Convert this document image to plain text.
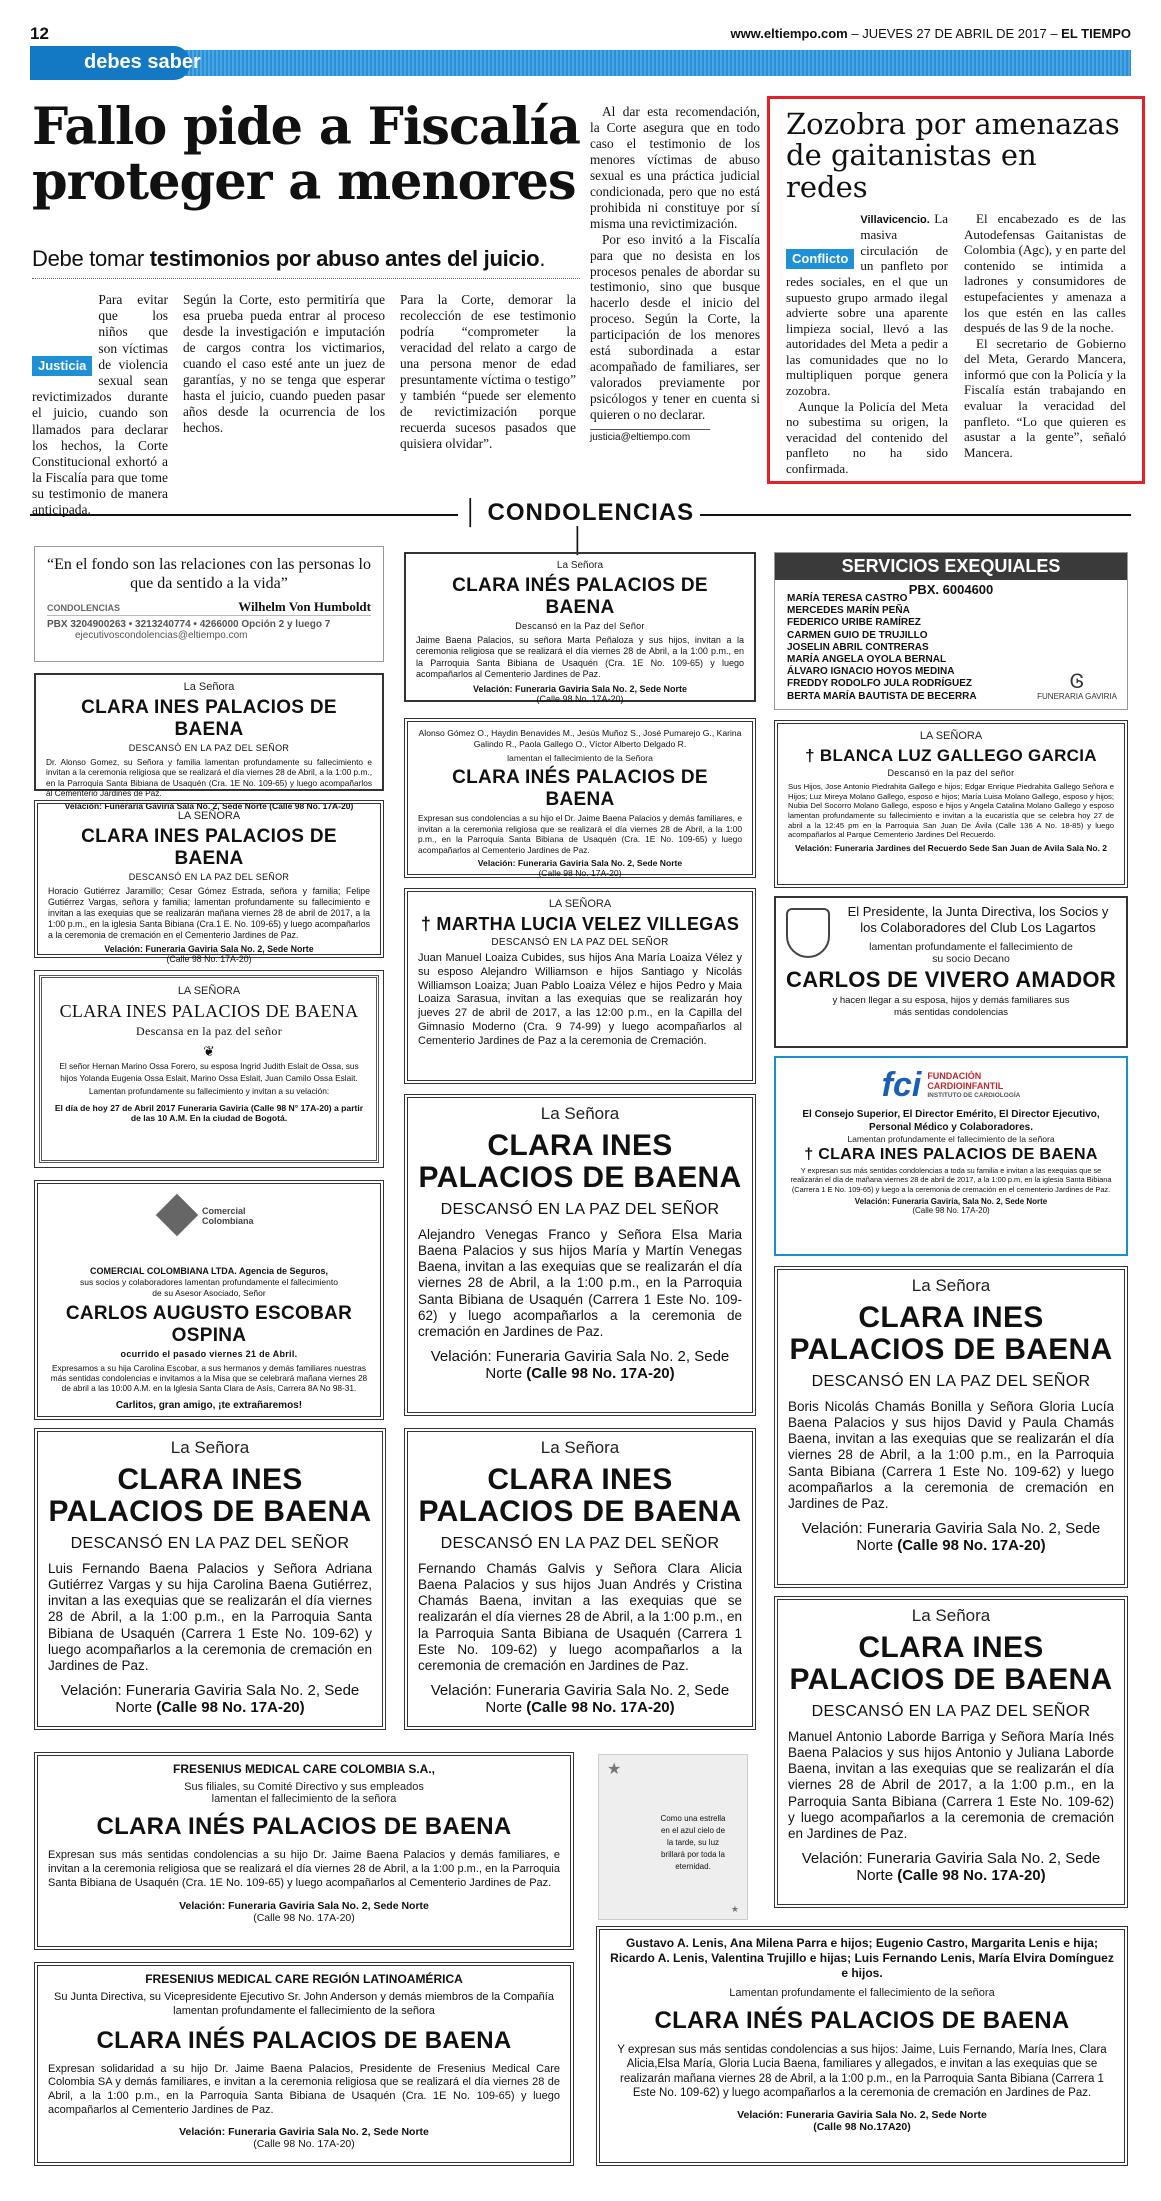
12	www.eltiempo.com – JUEVES 27 DE ABRIL DE 2017 – EL TIEMPO
debes saber
Fallo pide a Fiscalía proteger a menores
Debe tomar testimonios por abuso antes del juicio.
Justicia
Para evitar que los niños que son víctimas de violencia sexual sean revictimizados durante el juicio, cuando son llamados para declarar los hechos, la Corte Constitucional exhortó a la Fiscalía para que tome su testimonio de manera anticipada.
Según la Corte, esto permitiría que esa prueba pueda entrar al proceso desde la investigación e imputación de cargos contra los victimarios, cuando el caso esté ante un juez de garantías, y no se tenga que esperar hasta el juicio, cuando pueden pasar años desde la ocurrencia de los hechos.
Para la Corte, demorar la recolección de ese testimonio podría “comprometer la veracidad del relato a cargo de una persona menor de edad presuntamente víctima o testigo” y también “puede ser elemento de revictimización porque recuerda sucesos pasados que quisiera olvidar”.

Al dar esta recomendación, la Corte asegura que en todo caso el testimonio de los menores víctimas de abuso sexual es una práctica judicial condicionada, pero que no está prohibida ni constituye por sí misma una revictimización.

Por eso invitó a la Fiscalía para que no desista en los procesos penales de abordar su testimonio, sino que busque hacerlo desde el inicio del proceso. Según la Corte, la participación de los menores está subordinada a estar acompañado de familiares, ser valorados previamente por psicólogos y tener en cuenta si quieren o no declarar.

justicia@eltiempo.com
Zozobra por amenazas de gaitanistas en redes
Villavicencio.
Conflicto
La masiva circulación de un panfleto por redes sociales, en el que un supuesto grupo armado ilegal advierte sobre una aparente limpieza social, llevó a las autoridades del Meta a pedir a las comunidades que no lo multipliquen porque genera zozobra.

Aunque la Policía del Meta no subestima su origen, la veracidad del contenido del panfleto no ha sido confirmada.

El encabezado es de las Autodefensas Gaitanistas de Colombia (Agc), y en parte del contenido se intimida a ladrones y consumidores de estupefacientes y amenaza a los que estén en las calles después de las 9 de la noche.

El secretario de Gobierno del Meta, Gerardo Mancera, informó que con la Policía y la Fiscalía están trabajando en evaluar la veracidad del panfleto. “Lo que quieren es asustar a la gente”, señaló Mancera.

│ CONDOLENCIAS │
“En el fondo son las relaciones con las personas lo que da sentido a la vida”
CONDOLENCIAS	Wilhelm Von Humboldt
PBX 3204900263 • 3213240774 • 4266000 Opción 2 y luego 7
ejecutivoscondolencias@eltiempo.com
La Señora
CLARA INES PALACIOS DE BAENA
DESCANSÓ EN LA PAZ DEL SEÑOR
Dr. Alonso Gomez, su Señora y familia lamentan profundamente su fallecimiento e invitan a la ceremonia religiosa que se realizará el día viernes 28 de Abril, a la 1:00 p.m., en la Parroquia Santa Bibiana de Usaquén (Cra. 1E No. 109-65) y luego acompañarlos al Cementerio Jardines de Paz.
Velación: Funeraria Gaviria Sala No. 2, Sede Norte (Calle 98 No. 17A-20)
LA SEÑORA
CLARA INES PALACIOS DE BAENA
DESCANSÓ EN LA PAZ DEL SEÑOR
Horacio Gutiérrez Jaramillo; Cesar Gómez Estrada, señora y familia; Felipe Gutiérrez Vargas, señora y familia; lamentan profundamente su fallecimiento e invitan a las exequias que se realizarán mañana viernes 28 de abril de 2017, a la 1:00 p.m., en la iglesia Santa Bibiana (Cra.1 E. No. 109-65) y luego acompañarlos a la ceremonia de cremación en el Cementerio Jardines de Paz.
Velación: Funeraria Gaviria Sala No. 2, Sede Norte
(Calle 98 No. 17A-20)
LA SEÑORA
CLARA INES PALACIOS DE BAENA
Descansa en la paz del señor
❦
El señor Hernan Marino Ossa Forero, su esposa Ingrid Judith Eslait de Ossa, sus hijos Yolanda Eugenia Ossa Eslait, Marino Ossa Eslait, Juan Camilo Ossa Eslait. Lamentan profundamente su fallecimiento y invitan a su velación:
El día de hoy 27 de Abril 2017 Funeraria Gaviria (Calle 98 N° 17A-20) a partir de las 10 A.M. En la ciudad de Bogotá.
Comercial Colombiana
COMERCIAL COLOMBIANA LTDA. Agencia de Seguros,
sus socios y colaboradores lamentan profundamente el fallecimiento de su Asesor Asociado, Señor
CARLOS AUGUSTO ESCOBAR OSPINA
ocurrido el pasado viernes 21 de Abril.
Expresamos a su hija Carolina Escobar, a sus hermanos y demás familiares nuestras más sentidas condolencias e invitamos a la Misa que se celebrará mañana viernes 28 de abril a las 10:00 A.M. en la Iglesia Santa Clara de Asís, Carrera 8A No 98-31.
Carlitos, gran amigo, ¡te extrañaremos!
La Señora
CLARA INES PALACIOS DE BAENA
DESCANSÓ EN LA PAZ DEL SEÑOR
Luis Fernando Baena Palacios y Señora Adriana Gutiérrez Vargas y su hija Carolina Baena Gutiérrez, invitan a las exequias que se realizarán el día viernes 28 de Abril, a la 1:00 p.m., en la Parroquia Santa Bibiana de Usaquén (Carrera 1 Este No. 109-62) y luego acompañarlos a la ceremonia de cremación en Jardines de Paz.
Velación: Funeraria Gaviria Sala No. 2, Sede Norte (Calle 98 No. 17A-20)
La Señora
CLARA INÉS PALACIOS DE BAENA
Descansó en la Paz del Señor
Jaime Baena Palacios, su señora Marta Peñaloza y sus hijos, invitan a la ceremonia religiosa que se realizará el día viernes 28 de Abril, a la 1:00 p.m., en la Parroquia Santa Bibiana de Usaquén (Cra. 1E No. 109-65) y luego acompañarlos al Cementerio Jardines de Paz.
Velación: Funeraria Gaviria Sala No. 2, Sede Norte
(Calle 98 No. 17A-20)
Alonso Gómez O., Haydin Benavides M., Jesús Muñoz S., José Pumarejo G., Karina Galindo R., Paola Gallego O., Víctor Alberto Delgado R.
lamentan el fallecimiento de la Señora
CLARA INÉS PALACIOS DE BAENA
Expresan sus condolencias a su hijo el Dr. Jaime Baena Palacios y demás familiares, e invitan a la ceremonia religiosa que se realizará el día viernes 28 de Abril, a la 1:00 p.m., en la Parroquia Santa Bibiana de Usaquén (Cra. 1E No. 109-65) y luego acompañarlos al Cementerio Jardines de Paz.
Velación: Funeraria Gaviria Sala No. 2, Sede Norte
(Calle 98 No. 17A-20)
LA SEÑORA
† MARTHA LUCIA VELEZ VILLEGAS
DESCANSÓ EN LA PAZ DEL SEÑOR
Juan Manuel Loaiza Cubides, sus hijos Ana María Loaiza Vélez y su esposo Alejandro Williamson e hijos Santiago y Nicolás Williamson Loaiza; Juan Pablo Loaiza Vélez e hijos Pedro y Maia Loaiza Sarasua, invitan a las exequias que se realizarán hoy jueves 27 de abril de 2017, a las 12:00 p.m., en la Capilla del Gimnasio Moderno (Cra. 9 74-99) y luego acompañarlos al Cementerio Jardines de Paz a la ceremonia de Cremación.
La Señora
CLARA INES PALACIOS DE BAENA
DESCANSÓ EN LA PAZ DEL SEÑOR
Alejandro Venegas Franco y Señora Elsa Maria Baena Palacios y sus hijos María y Martín Venegas Baena, invitan a las exequias que se realizarán el día viernes 28 de Abril, a la 1:00 p.m., en la Parroquia Santa Bibiana de Usaquén (Carrera 1 Este No. 109-62) y luego acompañarlos a la ceremonia de cremación en Jardines de Paz.
Velación: Funeraria Gaviria Sala No. 2, Sede Norte (Calle 98 No. 17A-20)
La Señora
CLARA INES PALACIOS DE BAENA
DESCANSÓ EN LA PAZ DEL SEÑOR
Fernando Chamás Galvis y Señora Clara Alicia Baena Palacios y sus hijos Juan Andrés y Cristina Chamás Baena, invitan a las exequias que se realizarán el día viernes 28 de Abril, a la 1:00 p.m., en la Parroquia Santa Bibiana de Usaquén (Carrera 1 Este No. 109-62) y luego acompañarlos a la ceremonia de cremación en Jardines de Paz.
Velación: Funeraria Gaviria Sala No. 2, Sede Norte (Calle 98 No. 17A-20)
SERVICIOS EXEQUIALES
PBX. 6004600
MARÍA TERESA CASTRO
MERCEDES MARÍN PEÑA
FEDERICO URIBE RAMÍREZ
CARMEN GUIO DE TRUJILLO
JOSELIN ABRIL CONTRERAS
MARÍA ANGELA OYOLA BERNAL
ÁLVARO IGNACIO HOYOS MEDINA
FREDDY RODOLFO JULA RODRÍGUEZ
BERTA MARÍA BAUTISTA DE BECERRA
Ꮆ
FUNERARIA GAVIRIA
LA SEÑORA
† BLANCA LUZ GALLEGO GARCIA
Descansó en la paz del señor
Sus Hijos, Jose Antonio Piedrahita Gallego e hijos; Edgar Enrique Piedrahita Gallego Señora e Hijos; Luz Mireya Molano Gallego, esposo e hijos; María Luisa Molano Gallego, esposo y hijos; Nubia Del Socorro Molano Gallego, esposo e hijos y Angela Catalina Molano Gallego y esposo lamentan profundamente su fallecimiento e invitan a la eucaristía que se celebra hoy 27 de abril a la 12:45 pm en la Parroquia San Juan De Ávila (Calle 136 A No. 18-85) y luego acompañarlos al Parque Cementerio Jardines Del Recuerdo.
Velación: Funeraria Jardines del Recuerdo Sede San Juan de Avila Sala No. 2
El Presidente, la Junta Directiva, los Socios y los Colaboradores del Club Los Lagartos
lamentan profundamente el fallecimiento de
su socio Decano
CARLOS DE VIVERO AMADOR
y hacen llegar a su esposa, hijos y demás familiares sus más sentidas condolencias
fci FUNDACIÓN CARDIOINFANTIL
INSTITUTO DE CARDIOLOGÍA
El Consejo Superior, El Director Emérito, El Director Ejecutivo, Personal Médico y Colaboradores.
Lamentan profundamente el fallecimiento de la señora
† CLARA INES PALACIOS DE BAENA
Y expresan sus más sentidas condolencias a toda su familia e invitan a las exequias que se realizarán el día de mañana viernes 28 de abril de 2017, a la 1:00 p.m, en la iglesia Santa Bibiana (Carrera 1 E No. 109-65) y luego a la ceremonia de cremación en el cementerio Jardines de Paz.
Velación: Funeraria Gaviria, Sala No. 2, Sede Norte
(Calle 98 No. 17A-20)
La Señora
CLARA INES PALACIOS DE BAENA
DESCANSÓ EN LA PAZ DEL SEÑOR
Boris Nicolás Chamás Bonilla y Señora Gloria Lucía Baena Palacios y sus hijos David y Paula Chamás Baena, invitan a las exequias que se realizarán el día viernes 28 de Abril, a la 1:00 p.m., en la Parroquia Santa Bibiana (Carrera 1 Este No. 109-62) y luego acompañarlos a la ceremonia de cremación en Jardines de Paz.
Velación: Funeraria Gaviria Sala No. 2, Sede Norte (Calle 98 No. 17A-20)
La Señora
CLARA INES PALACIOS DE BAENA
DESCANSÓ EN LA PAZ DEL SEÑOR
Manuel Antonio Laborde Barriga y Señora María Inés Baena Palacios y sus hijos Antonio y Juliana Laborde Baena, invitan a las exequias que se realizarán el día viernes 28 de Abril de 2017, a la 1:00 p.m., en la Parroquia Santa Bibiana (Carrera 1 Este No. 109-62) y luego acompañarlos a la ceremonia de cremación en Jardines de Paz.
Velación: Funeraria Gaviria Sala No. 2, Sede Norte (Calle 98 No. 17A-20)
FRESENIUS MEDICAL CARE COLOMBIA S.A.,
Sus filiales, su Comité Directivo y sus empleados
lamentan el fallecimiento de la señora
CLARA INÉS PALACIOS DE BAENA
Expresan sus más sentidas condolencias a su hijo Dr. Jaime Baena Palacios y demás familiares, e invitan a la ceremonia religiosa que se realizará el día viernes 28 de Abril, a la 1:00 p.m., en la Parroquia Santa Bibiana de Usaquén (Cra. 1E No. 109-65) y luego acompañarlos al Cementerio Jardines de Paz.
Velación: Funeraria Gaviria Sala No. 2, Sede Norte
(Calle 98 No. 17A-20)
★
★
Como una estrella en el azul cielo de la tarde, su luz brillará por toda la eternidad.
FRESENIUS MEDICAL CARE REGIÓN LATINOAMÉRICA
Su Junta Directiva, su Vicepresidente Ejecutivo Sr. John Anderson y demás miembros de la Compañía lamentan profundamente el fallecimiento de la señora
CLARA INÉS PALACIOS DE BAENA
Expresan solidaridad a su hijo Dr. Jaime Baena Palacios, Presidente de Fresenius Medical Care Colombia SA y demás familiares, e invitan a la ceremonia religiosa que se realizará el día viernes 28 de Abril, a la 1:00 p.m., en la Parroquia Santa Bibiana de Usaquén (Cra. 1E No. 109-65) y luego acompañarlos al Cementerio Jardines de Paz.
Velación: Funeraria Gaviria Sala No. 2, Sede Norte
(Calle 98 No. 17A-20)
Gustavo A. Lenis, Ana Milena Parra e hijos; Eugenio Castro, Margarita Lenis e hija; Ricardo A. Lenis, Valentina Trujillo e hijas; Luis Fernando Lenis, María Elvira Domínguez e hijos.
Lamentan profundamente el fallecimiento de la señora
CLARA INÉS PALACIOS DE BAENA
Y expresan sus más sentidas condolencias a sus hijos: Jaime, Luis Fernando, María Ines, Clara Alicia,Elsa María, Gloria Lucia Baena, familiares y allegados, e invitan a las exequias que se realizarán mañana viernes 28 de Abril, a la 1:00 p.m., en la Parroquia Santa Bibiana (Carrera 1 Este No. 109-62) y luego acompañarlos a la ceremonia de cremación en Jardines de Paz.
Velación: Funeraria Gaviria Sala No. 2, Sede Norte
(Calle 98 No.17A20)
